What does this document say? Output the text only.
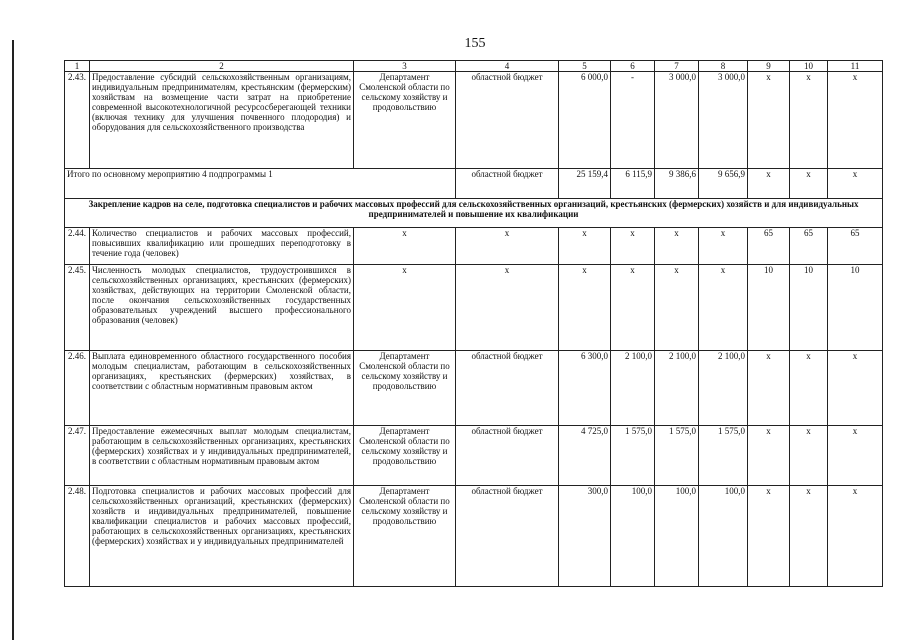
155
1	2	3	4	5	6	7	8	9	10	11
2.43.	Предоставление субсидий сельскохозяйственным организациям, индивидуальным предпринимателям, крестьянским (фермерским) хозяйствам на возмещение части затрат на приобретение современной высокотехнологичной ресурсосберегающей техники (включая технику для улучшения почвенного плодородия) и оборудования для сельскохозяйственного производства	Департамент Смоленской области по сельскому хозяйству и продовольствию	областной бюджет	6 000,0	-	3 000,0	3 000,0	х	х	х
Итого по основному мероприятию 4 подпрограммы 1			областной бюджет	25 159,4	6 115,9	9 386,6	9 656,9	х	х	х
Закрепление кадров на селе, подготовка специалистов и рабочих массовых профессий для сельскохозяйственных организаций, крестьянских (фермерских) хозяйств и для индивидуальных предпринимателей и повышение их квалификации										
2.44.	Количество специалистов и рабочих массовых профессий, повысивших квалификацию или прошедших переподготовку в течение года (человек)	х	х	х	х	х	х	65	65	65
2.45.	Численность молодых специалистов, трудоустроившихся в сельскохозяйственных организациях, крестьянских (фермерских) хозяйствах, действующих на территории Смоленской области, после окончания сельскохозяйственных государственных образовательных учреждений высшего профессионального образования (человек)	х	х	х	х	х	х	10	10	10
2.46.	Выплата единовременного областного государственного пособия молодым специалистам, работающим в сельскохозяйственных организациях, крестьянских (фермерских) хозяйствах, в соответствии с областным нормативным правовым актом	Департамент Смоленской области по сельскому хозяйству и продовольствию	областной бюджет	6 300,0	2 100,0	2 100,0	2 100,0	х	х	х
2.47.	Предоставление ежемесячных выплат молодым специалистам, работающим в сельскохозяйственных организациях, крестьянских (фермерских) хозяйствах и у индивидуальных предпринимателей, в соответствии с областным нормативным правовым актом	Департамент Смоленской области по сельскому хозяйству и продовольствию	областной бюджет	4 725,0	1 575,0	1 575,0	1 575,0	х	х	х
2.48.	Подготовка специалистов и рабочих массовых профессий для сельскохозяйственных организаций, крестьянских (фермерских) хозяйств и индивидуальных предпринимателей, повышение квалификации специалистов и рабочих массовых профессий, работающих в сельскохозяйственных организациях, крестьянских (фермерских) хозяйствах и у индивидуальных предпринимателей	Департамент Смоленской области по сельскому хозяйству и продовольствию	областной бюджет	300,0	100,0	100,0	100,0	х	х	х
